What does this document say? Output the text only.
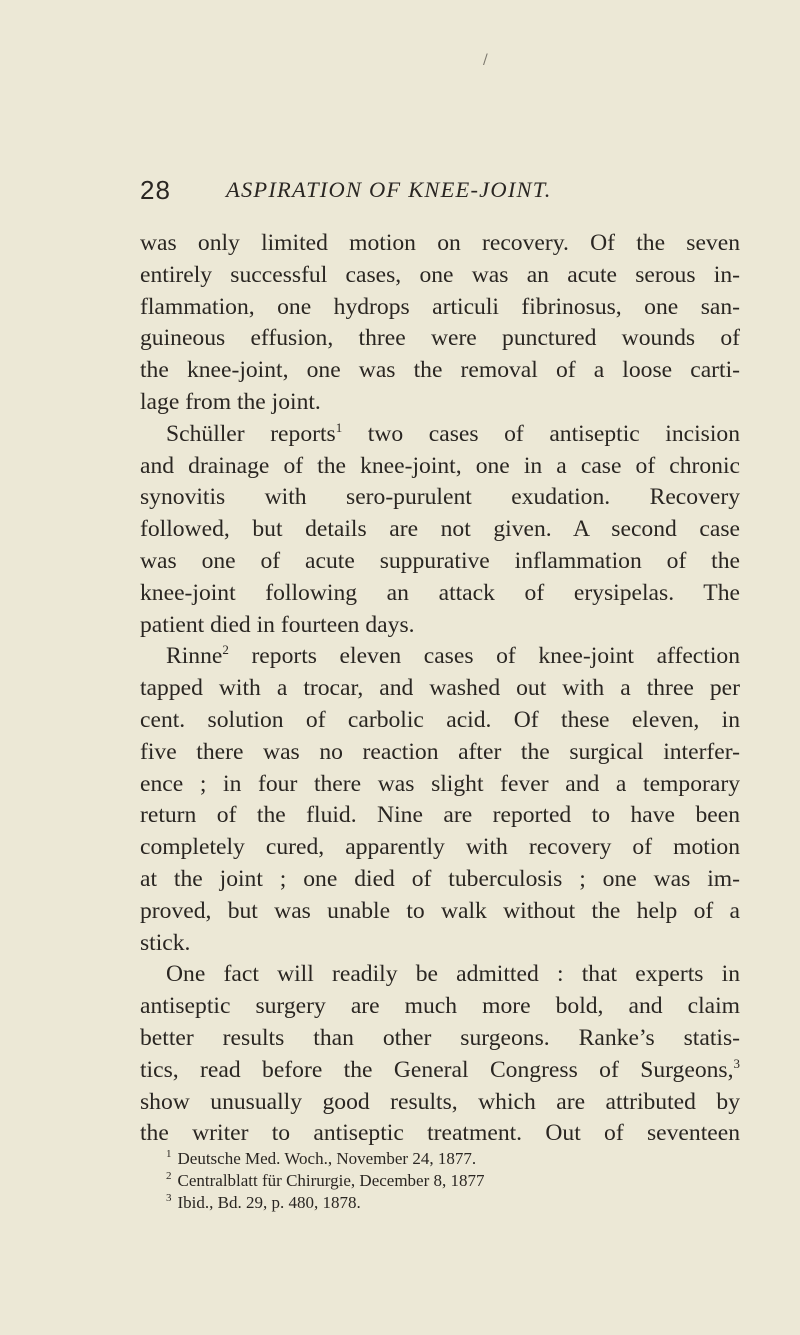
/
28 ASPIRATION OF KNEE-JOINT.
was only limited motion on recovery. Of the seven
entirely successful cases, one was an acute serous in-
flammation, one hydrops articuli fibrinosus, one san-
guineous effusion, three were punctured wounds of
the knee-joint, one was the removal of a loose carti-
lage from the joint.
Schüller reports$^1$ two cases of antiseptic incision
and drainage of the knee-joint, one in a case of chronic
synovitis with sero-purulent exudation. Recovery
followed, but details are not given. A second case
was one of acute suppurative inflammation of the
knee-joint following an attack of erysipelas. The
patient died in fourteen days.
Rinne$^2$ reports eleven cases of knee-joint affection
tapped with a trocar, and washed out with a three per
cent. solution of carbolic acid. Of these eleven, in
five there was no reaction after the surgical interfer-
ence ; in four there was slight fever and a temporary
return of the fluid. Nine are reported to have been
completely cured, apparently with recovery of motion
at the joint ; one died of tuberculosis ; one was im-
proved, but was unable to walk without the help of a
stick.
One fact will readily be admitted : that experts in
antiseptic surgery are much more bold, and claim
better results than other surgeons. Ranke’s statis-
tics, read before the General Congress of Surgeons,$^3$
show unusually good results, which are attributed by
the writer to antiseptic treatment. Out of seventeen
$^1$ Deutsche Med. Woch., November 24, 1877.
$^2$ Centralblatt für Chirurgie, December 8, 1877
$^3$ Ibid., Bd. 29, p. 480, 1878.
